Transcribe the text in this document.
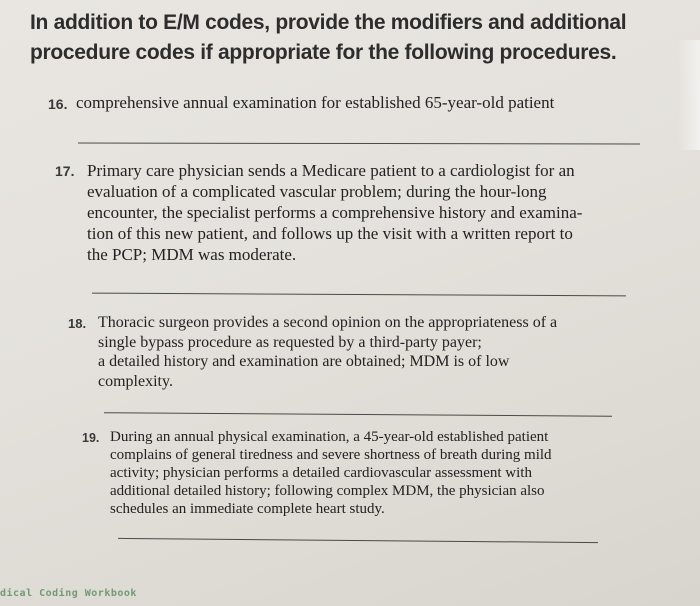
In addition to E/M codes, provide the modifiers and additional
procedure codes if appropriate for the following procedures.
16. comprehensive annual examination for established 65-year-old patient
17. Primary care physician sends a Medicare patient to a cardiologist for an
evaluation of a complicated vascular problem; during the hour-long
encounter, the specialist performs a comprehensive history and examina-
tion of this new patient, and follows up the visit with a written report to
the PCP; MDM was moderate.
18. Thoracic surgeon provides a second opinion on the appropriateness of a
single bypass procedure as requested by a third-party payer;
a detailed history and examination are obtained; MDM is of low
complexity.
19. During an annual physical examination, a 45-year-old established patient
complains of general tiredness and severe shortness of breath during mild
activity; physician performs a detailed cardiovascular assessment with
additional detailed history; following complex MDM, the physician also
schedules an immediate complete heart study.
dical Coding Workbook
